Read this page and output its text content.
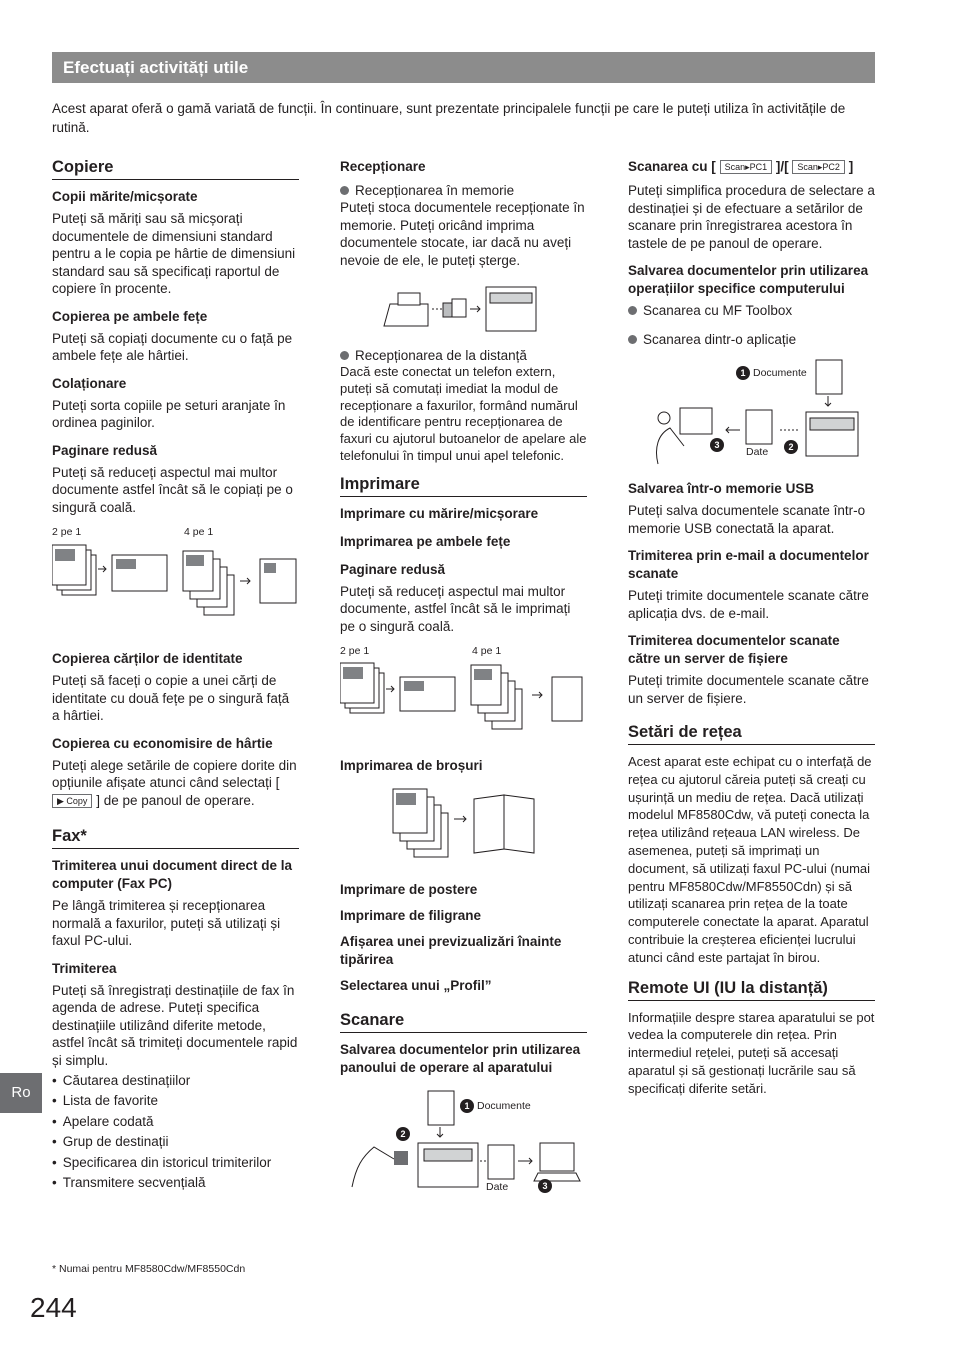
Efectuați activități utile

Acest aparat oferă o gamă variată de funcții. În continuare, sunt prezentate principalele funcții pe care le puteți utiliza în activitățile de rutină.

Copiere
Copii mărite/micșorate

Puteți să măriți sau să micșorați documentele de dimensiuni standard pentru a le copia pe hârtie de dimensiuni standard sau să specificați raportul de copiere în procente.

Copierea pe ambele fețe

Puteți să copiați documente cu o față pe ambele fețe ale hârtiei.

Colaționare

Puteți sorta copiile pe seturi aranjate în ordinea paginilor.

Paginare redusă

Puteți să reduceți aspectul mai multor documente astfel încât să le copiați pe o singură coală.

2 pe 1	4 pe 1
Copierea cărților de identitate

Puteți să faceți o copie a unei cărți de identitate cu două fețe pe o singură față a hârtiei.

Copierea cu economisire de hârtie

Puteți alege setările de copiere dorite din opțiunile afișate atunci când selectați [ ▶ Copy ] de pe panoul de operare.

Fax*
Trimiterea unui document direct de la computer (Fax PC)

Pe lângă trimiterea și recepționarea normală a faxurilor, puteți să utilizați și faxul PC-ului.

Trimiterea

Puteți să înregistrați destinațiile de fax în agenda de adrese. Puteți specifica destinațiile utilizând diferite metode, astfel încât să trimiteți documentele rapid și simplu.

• Căutarea destinațiilor
• Lista de favorite
• Apelare codată
• Grup de destinații
• Specificarea din istoricul trimiterilor
• Transmitere secvențială
Recepționare
Recepționarea în memorie

Puteți stoca documentele recepționate în memorie. Puteți oricând imprima documentele stocate, iar dacă nu aveți nevoie de ele, le puteți șterge.

Recepționarea de la distanță

Dacă este conectat un telefon extern, puteți să comutați imediat la modul de recepționare a faxurilor, formând numărul de identificare pentru recepționarea de faxuri cu ajutorul butoanelor de apelare ale telefonului în timpul unui apel telefonic.

Imprimare
Imprimare cu mărire/micșorare
Imprimarea pe ambele fețe
Paginare redusă

Puteți să reduceți aspectul mai multor documente, astfel încât să le imprimați pe o singură coală.

2 pe 1	4 pe 1
Imprimarea de broșuri
Imprimare de postere
Imprimare de filigrane
Afișarea unei previzualizări înainte tipărirea
Selectarea unui „Profil”
Scanare
Salvarea documentelor prin utilizarea panoului de operare al aparatului
1 Documente
2
Date	3
Scanarea cu [ Scan▸PC1 ]/[ Scan▸PC2 ]

Puteți simplifica procedura de selectare a destinației și de efectuare a setărilor de scanare prin înregistrarea acestora în tastele de pe panoul de operare.

Salvarea documentelor prin utilizarea operațiilor specifice computerului
Scanarea cu MF Toolbox
Scanarea dintr-o aplicație
1 Documente
3
Date	2
Salvarea într-o memorie USB

Puteți salva documentele scanate într-o memorie USB conectată la aparat.

Trimiterea prin e-mail a documentelor scanate

Puteți trimite documentele scanate către aplicația dvs. de e-mail.

Trimiterea documentelor scanate către un server de fișiere

Puteți trimite documentele scanate către un server de fișiere.

Setări de rețea

Acest aparat este echipat cu o interfață de rețea cu ajutorul căreia puteți să creați cu ușurință un mediu de rețea. Dacă utilizați modelul MF8580Cdw, vă puteți conecta la rețea utilizând rețeaua LAN wireless. De asemenea, puteți să imprimați un document, să utilizați faxul PC-ului (numai pentru MF8580Cdw/MF8550Cdn) și să utilizați scanarea prin rețea de la toate computerele conectate la aparat. Aparatul contribuie la creșterea eficienței lucrului atunci când este partajat în birou.

Remote UI (IU la distanță)

Informațiile despre starea aparatului se pot vedea la computerele din rețea. Prin intermediul rețelei, puteți să accesați aparatul și să gestionați lucrările sau să specificați diferite setări.

Ro
* Numai pentru MF8580Cdw/MF8550Cdn
244
